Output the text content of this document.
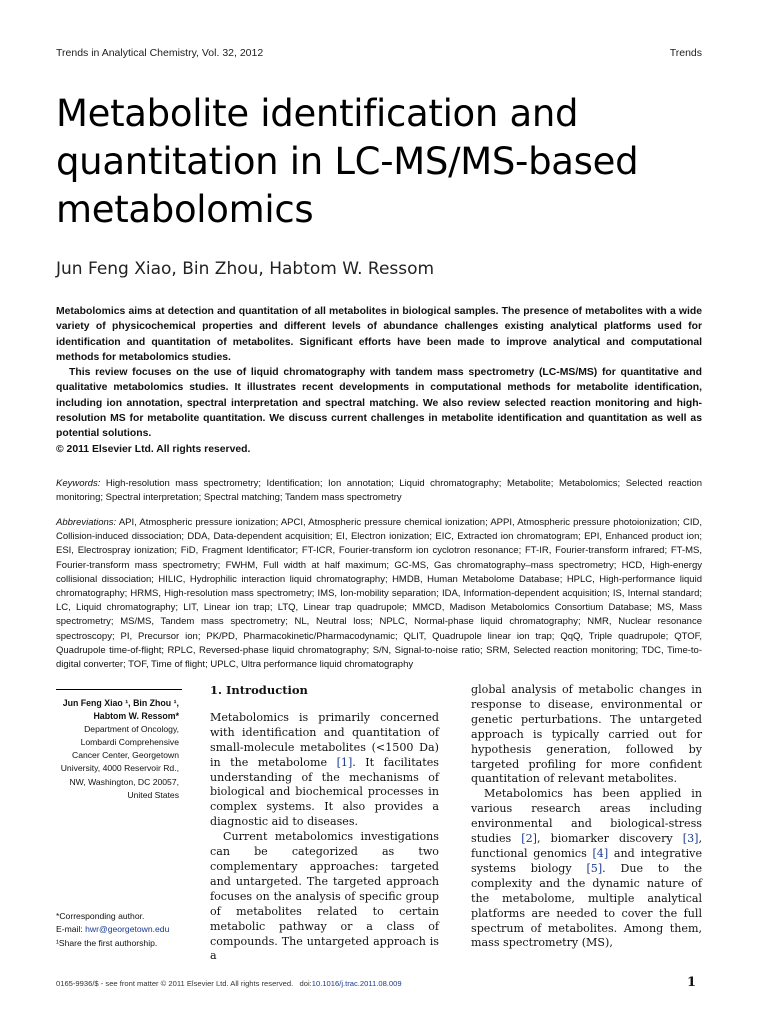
Trends in Analytical Chemistry, Vol. 32, 2012	Trends
Metabolite identification and
quantitation in LC-MS/MS-based
metabolomics
Jun Feng Xiao, Bin Zhou, Habtom W. Ressom

Metabolomics aims at detection and quantitation of all metabolites in biological samples. The presence of metabolites with a wide variety of physicochemical properties and different levels of abundance challenges existing analytical platforms used for identification and quantitation of metabolites. Significant efforts have been made to improve analytical and computational methods for metabolomics studies.

This review focuses on the use of liquid chromatography with tandem mass spectrometry (LC-MS/MS) for quantitative and qualitative metabolomics studies. It illustrates recent developments in computational methods for metabolite identification, including ion annotation, spectral interpretation and spectral matching. We also review selected reaction monitoring and high-resolution MS for metabolite quantitation. We discuss current challenges in metabolite identification and quantitation as well as potential solutions.

© 2011 Elsevier Ltd. All rights reserved.

Keywords: High-resolution mass spectrometry; Identification; Ion annotation; Liquid chromatography; Metabolite; Metabolomics; Selected reaction monitoring; Spectral interpretation; Spectral matching; Tandem mass spectrometry
Abbreviations: API, Atmospheric pressure ionization; APCI, Atmospheric pressure chemical ionization; APPI, Atmospheric pressure photoionization; CID, Collision-induced dissociation; DDA, Data-dependent acquisition; EI, Electron ionization; EIC, Extracted ion chromatogram; EPI, Enhanced product ion; ESI, Electrospray ionization; FiD, Fragment Identificator; FT-ICR, Fourier-transform ion cyclotron resonance; FT-IR, Fourier-transform infrared; FT-MS, Fourier-transform mass spectrometry; FWHM, Full width at half maximum; GC-MS, Gas chromatography–mass spectrometry; HCD, High-energy collisional dissociation; HILIC, Hydrophilic interaction liquid chromatography; HMDB, Human Metabolome Database; HPLC, High-performance liquid chromatography; HRMS, High-resolution mass spectrometry; IMS, Ion-mobility separation; IDA, Information-dependent acquisition; IS, Internal standard; LC, Liquid chromatography; LIT, Linear ion trap; LTQ, Linear trap quadrupole; MMCD, Madison Metabolomics Consortium Database; MS, Mass spectrometry; MS/MS, Tandem mass spectrometry; NL, Neutral loss; NPLC, Normal-phase liquid chromatography; NMR, Nuclear resonance spectroscopy; PI, Precursor ion; PK/PD, Pharmacokinetic/Pharmacodynamic; QLIT, Quadrupole linear ion trap; QqQ, Triple quadrupole; QTOF, Quadrupole time-of-flight; RPLC, Reversed-phase liquid chromatography; S/N, Signal-to-noise ratio; SRM, Selected reaction monitoring; TDC, Time-to-digital converter; TOF, Time of flight; UPLC, Ultra performance liquid chromatography
Jun Feng Xiao ¹, Bin Zhou ¹,
Habtom W. Ressom*
Department of Oncology,
Lombardi Comprehensive
Cancer Center, Georgetown
University, 4000 Reservoir Rd.,
NW, Washington, DC 20057,
United States
*Corresponding author.
E-mail: hwr@georgetown.edu
¹Share the first authorship.

1. Introduction

Metabolomics is primarily concerned with identification and quantitation of small-molecule metabolites (<1500 Da) in the metabolome [1]. It facilitates understanding of the mechanisms of biological and biochemical processes in complex systems. It also provides a diagnostic aid to diseases.

Current metabolomics investigations can be categorized as two complementary approaches: targeted and untargeted. The targeted approach focuses on the analysis of specific group of metabolites related to certain metabolic pathway or a class of compounds. The untargeted approach is a

global analysis of metabolic changes in response to disease, environmental or genetic perturbations. The untargeted approach is typically carried out for hypothesis generation, followed by targeted profiling for more confident quantitation of relevant metabolites.

Metabolomics has been applied in various research areas including environmental and biological-stress studies [2], biomarker discovery [3], functional genomics [4] and integrative systems biology [5]. Due to the complexity and the dynamic nature of the metabolome, multiple analytical platforms are needed to cover the full spectrum of metabolites. Among them, mass spectrometry (MS),

0165-9936/$ - see front matter © 2011 Elsevier Ltd. All rights reserved. doi:10.1016/j.trac.2011.08.009	1
